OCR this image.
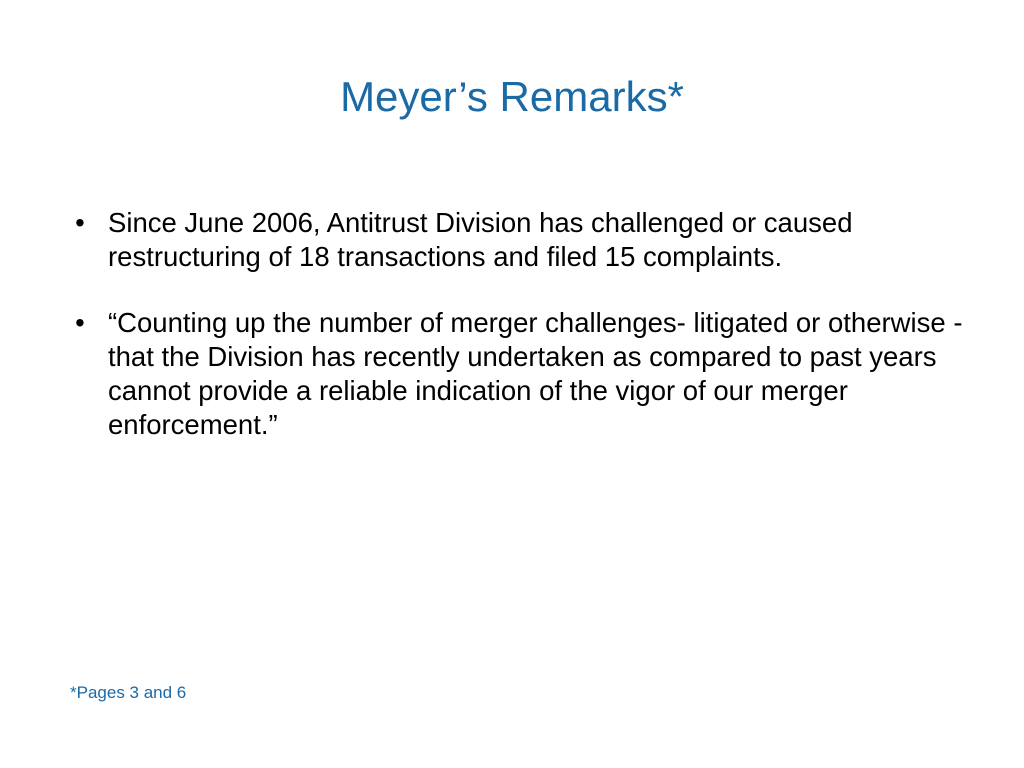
Meyer’s Remarks*
• Since June 2006, Antitrust Division has challenged or caused restructuring of 18 transactions and filed 15 complaints.
• “Counting up the number of merger challenges- litigated or otherwise - that the Division has recently undertaken as compared to past years cannot provide a reliable indication of the vigor of our merger enforcement.”
*Pages 3 and 6
